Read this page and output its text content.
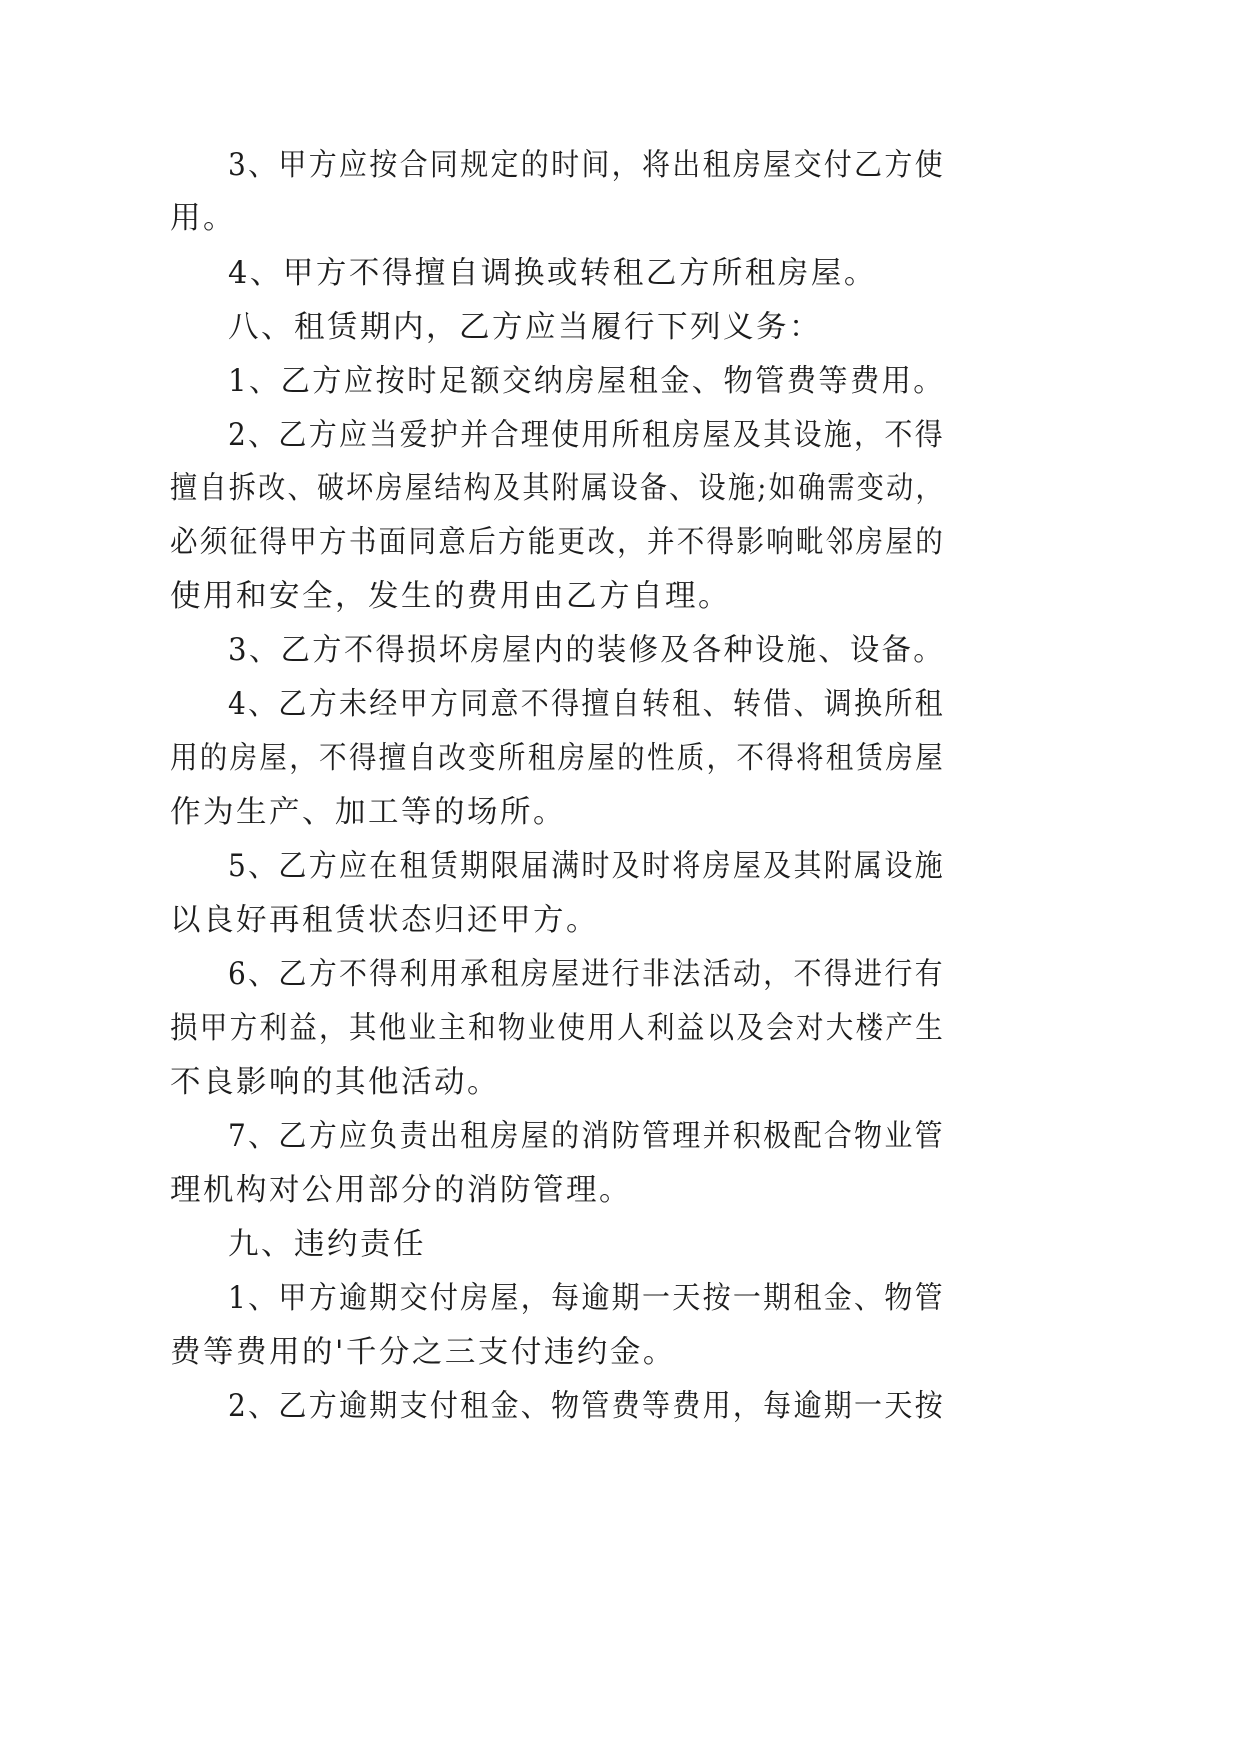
3、甲方应按合同规定的时间，将出租房屋交付乙方使
用。
4、甲方不得擅自调换或转租乙方所租房屋。
八、租赁期内，乙方应当履行下列义务：
1、乙方应按时足额交纳房屋租金、物管费等费用。
2、乙方应当爱护并合理使用所租房屋及其设施，不得
擅自拆改、破坏房屋结构及其附属设备、设施;如确需变动，
必须征得甲方书面同意后方能更改，并不得影响毗邻房屋的
使用和安全，发生的费用由乙方自理。
3、乙方不得损坏房屋内的装修及各种设施、设备。
4、乙方未经甲方同意不得擅自转租、转借、调换所租
用的房屋，不得擅自改变所租房屋的性质，不得将租赁房屋
作为生产、加工等的场所。
5、乙方应在租赁期限届满时及时将房屋及其附属设施
以良好再租赁状态归还甲方。
6、乙方不得利用承租房屋进行非法活动，不得进行有
损甲方利益，其他业主和物业使用人利益以及会对大楼产生
不良影响的其他活动。
7、乙方应负责出租房屋的消防管理并积极配合物业管
理机构对公用部分的消防管理。
九、违约责任
1、甲方逾期交付房屋，每逾期一天按一期租金、物管
费等费用的'千分之三支付违约金。
2、乙方逾期支付租金、物管费等费用，每逾期一天按
